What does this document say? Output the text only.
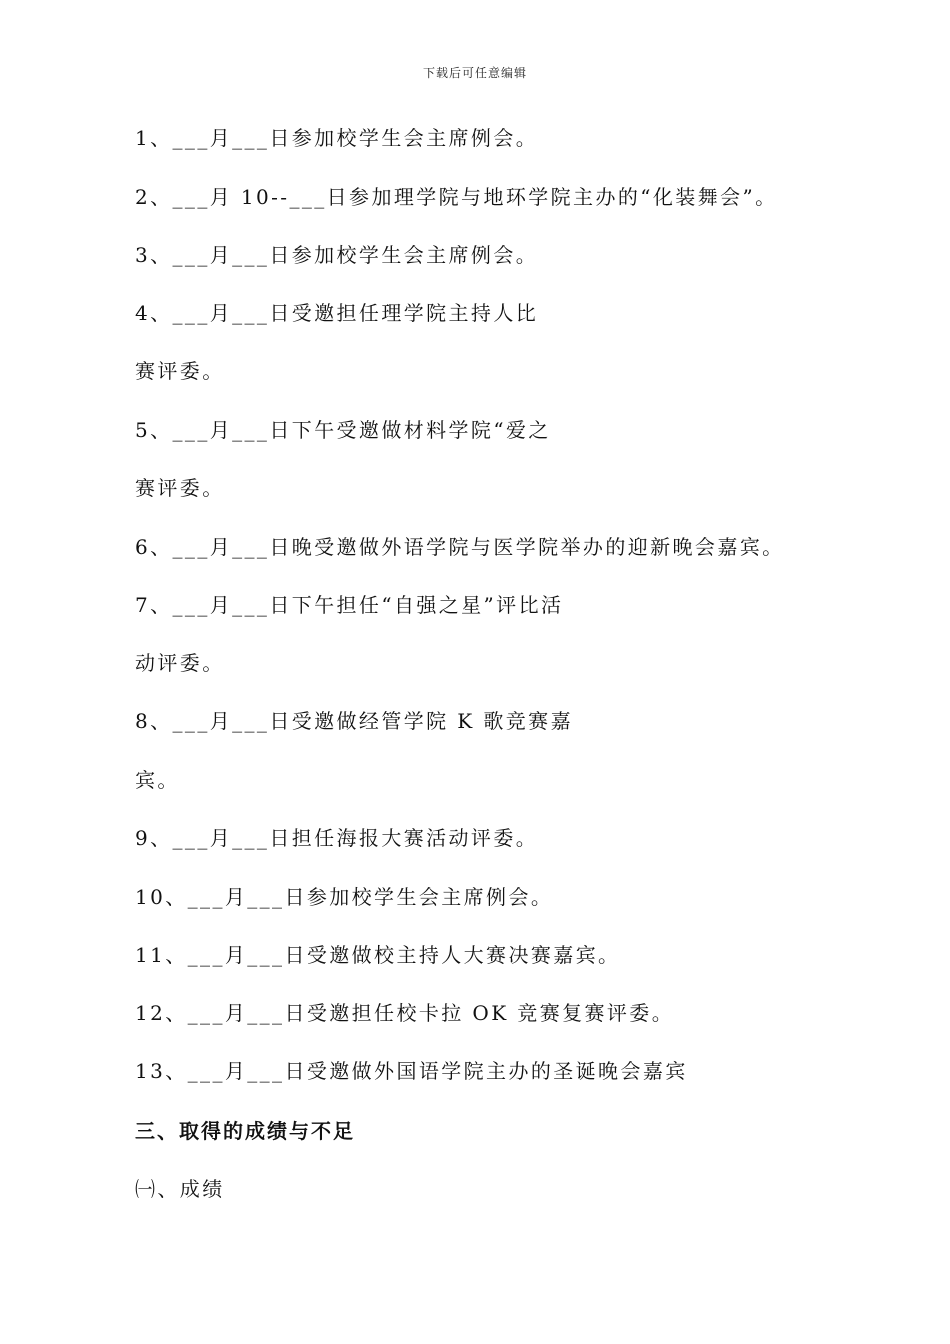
下载后可任意编辑
1、___月___日参加校学生会主席例会。
2、___月 10--___日参加理学院与地环学院主办的“化装舞会”。
3、___月___日参加校学生会主席例会。
4、___月___日受邀担任理学院主持人比
赛评委。
5、___月___日下午受邀做材料学院“爱之
赛评委。
6、___月___日晚受邀做外语学院与医学院举办的迎新晚会嘉宾。
7、___月___日下午担任“自强之星”评比活
动评委。
8、___月___日受邀做经管学院 K 歌竞赛嘉
宾。
9、___月___日担任海报大赛活动评委。
10、___月___日参加校学生会主席例会。
11、___月___日受邀做校主持人大赛决赛嘉宾。
12、___月___日受邀担任校卡拉 OK 竞赛复赛评委。
13、___月___日受邀做外国语学院主办的圣诞晚会嘉宾
三、取得的成绩与不足
㈠、成绩
